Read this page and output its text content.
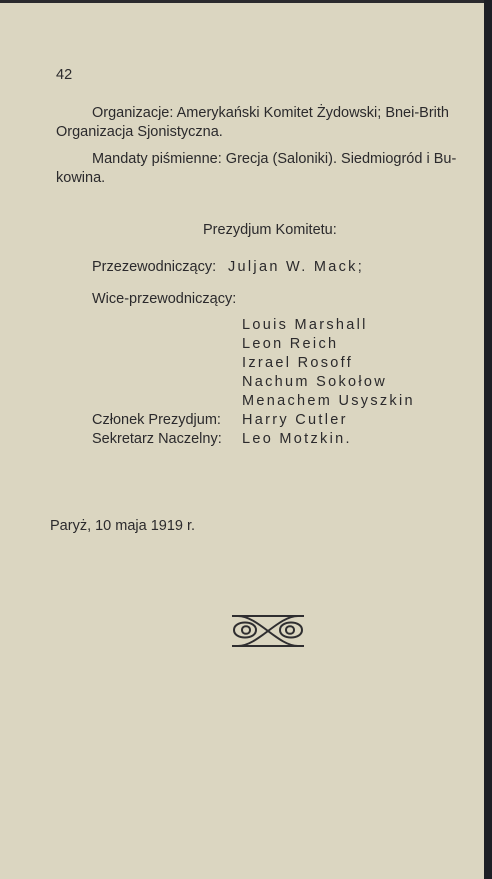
42
Organizacje: Amerykański Komitet Żydowski; Bnei-Brith
Organizacja Sjonistyczna.
Mandaty piśmienne: Grecja (Saloniki). Siedmiogród i Bu-
kowina.
Prezydjum Komitetu:
Przezewodniczący: Juljan W. Mack;
Wice-przewodniczący:
Louis Marshall
Leon Reich
Izrael Rosoff
Nachum Sokołow
Menachem Usyszkin
Członek Prezydjum: Harry Cutler
Sekretarz Naczelny: Leo Motzkin.
Paryż, 10 maja 1919 r.
